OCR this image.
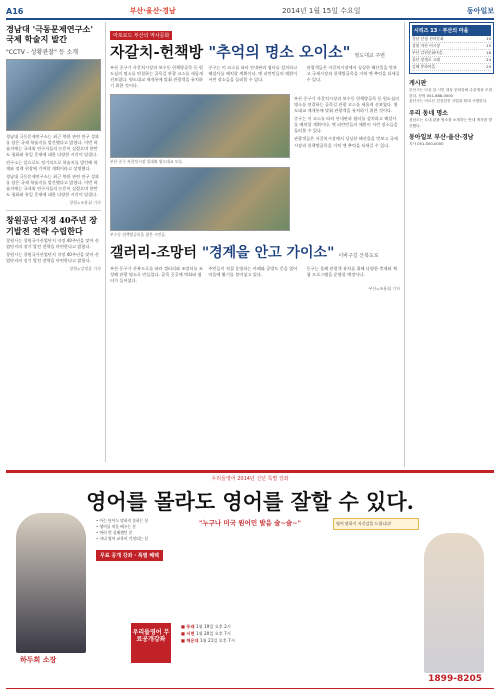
A16	부산·울산·경남	2014년 1월 15일 수요일	동아일보
경남대 '극동문제연구소' 국제 학술지 발간
"CCTV - 상황관찰" 등 소개
경남대 극동문제연구소는 최근 북한 관련 연구 성과를 담은 국제 학술지를 발간했다고 밝혔다. 이번 학술지에는 국내외 연구자들의 논문이 실렸으며 한반도 평화와 통일 문제에 대한 다양한 시각이 담겼다.
연구소는 앞으로도 정기적으로 학술지를 발간해 학계와 정책 현장에 기여할 계획이라고 설명했다.
경남대 극동문제연구소는 최근 북한 관련 연구 성과를 담은 국제 학술지를 발간했다고 밝혔다. 이번 학술지에는 국내외 연구자들의 논문이 실렸으며 한반도 평화와 통일 문제에 대한 다양한 시각이 담겼다.
창원=조용휘 기자
창원공단 지정 40주년 장기발전 전략 수립한다
창원시는 창원국가산업단지 지정 40주년을 맞아 산업단지의 장기 발전 전략을 마련한다고 밝혔다.
창원시는 창원국가산업단지 지정 40주년을 맞아 산업단지의 장기 발전 전략을 마련한다고 밝혔다.
창원=강정훈 기자
마포로드 부산의 역사문화
자갈치-헌책방 "추억의 명소 오이소" 영도대교 주변
부산 중구가 자갈치시장과 보수동 헌책방골목 등 원도심의 명소를 연결하는 골목길 관광 코스를 새롭게 선보였다. 영도대교 재개통에 맞춰 관광객을 유치하기 위한 것이다.
중구는 이 코스를 따라 안내판과 쉼터를 설치하고 해설사를 배치할 계획이다. 옛 피란민들의 애환이 서린 장소들을 둘러볼 수 있다.
관광객들은 자갈치시장에서 싱싱한 해산물을 맛보고 국제시장과 헌책방골목을 거쳐 옛 추억을 되새길 수 있다.
부산 중구 자갈치시장 일대와 영도대교 모습.
보수동 헌책방골목을 찾은 시민들.
부산 중구가 자갈치시장과 보수동 헌책방골목 등 원도심의 명소를 연결하는 골목길 관광 코스를 새롭게 선보였다. 영도대교 재개통에 맞춰 관광객을 유치하기 위한 것이다.
중구는 이 코스를 따라 안내판과 쉼터를 설치하고 해설사를 배치할 계획이다. 옛 피란민들의 애환이 서린 장소들을 둘러볼 수 있다.
관광객들은 자갈치시장에서 싱싱한 해산물을 맛보고 국제시장과 헌책방골목을 거쳐 옛 추억을 되새길 수 있다.
갤러리-조망터 "경계을 안고 가이소" 이바구길 산복도로
부산 동구가 산복도로를 따라 갤러리와 조망터를 조성해 관광 명소로 만들었다. 골목 곳곳에 벽화와 쉼터가 들어섰다.
주민들이 직접 운영하는 카페와 공방도 문을 열어 마을에 활기를 불어넣고 있다.
동구는 올해 관광객 유치를 위해 다양한 축제와 체험 프로그램을 운영할 예정이다.
부산=조용휘 기자
시리즈 13 · 부산의 마을
경남 산청 선비문화	10
창원 마산 어시장	15
부산 감천문화마을	18
울산 장생포 고래	24
김해 봉하마을	29
게시판
부산시는 다음 달 시민 대상 문화강좌 수강생을 모집한다. 문의 051-888-0000
울산시는 어르신 건강검진 사업을 확대 시행한다.
우리 동네 명소
경남도는 도내 관광 명소를 소개하는 안내 책자를 발간했다.
동아일보 부산·울산·경남
지사 051-000-0000
우리들영어 2014년 신년 특별 강좌
영어를 몰라도 영어를 잘할 수 있다.
"누구나 미국 원어민 발음 술~술~"
하두희 소장
• 아는 단어도 말하지 못하는 분
• 영어를 처음 배우는 분
• 여러 번 실패했던 분
• 자녀 영어 교육이 걱정되는 분
무료 공개 강좌 · 특별 혜택
우리들영어 무료공개강좌
■ 동래 1월 19일 오후 2시
■ 서면 1월 20일 오후 7시
■ 해운대 1월 21일 오후 7시
영어 말하기 자신감을 드립니다!
1899-8205
